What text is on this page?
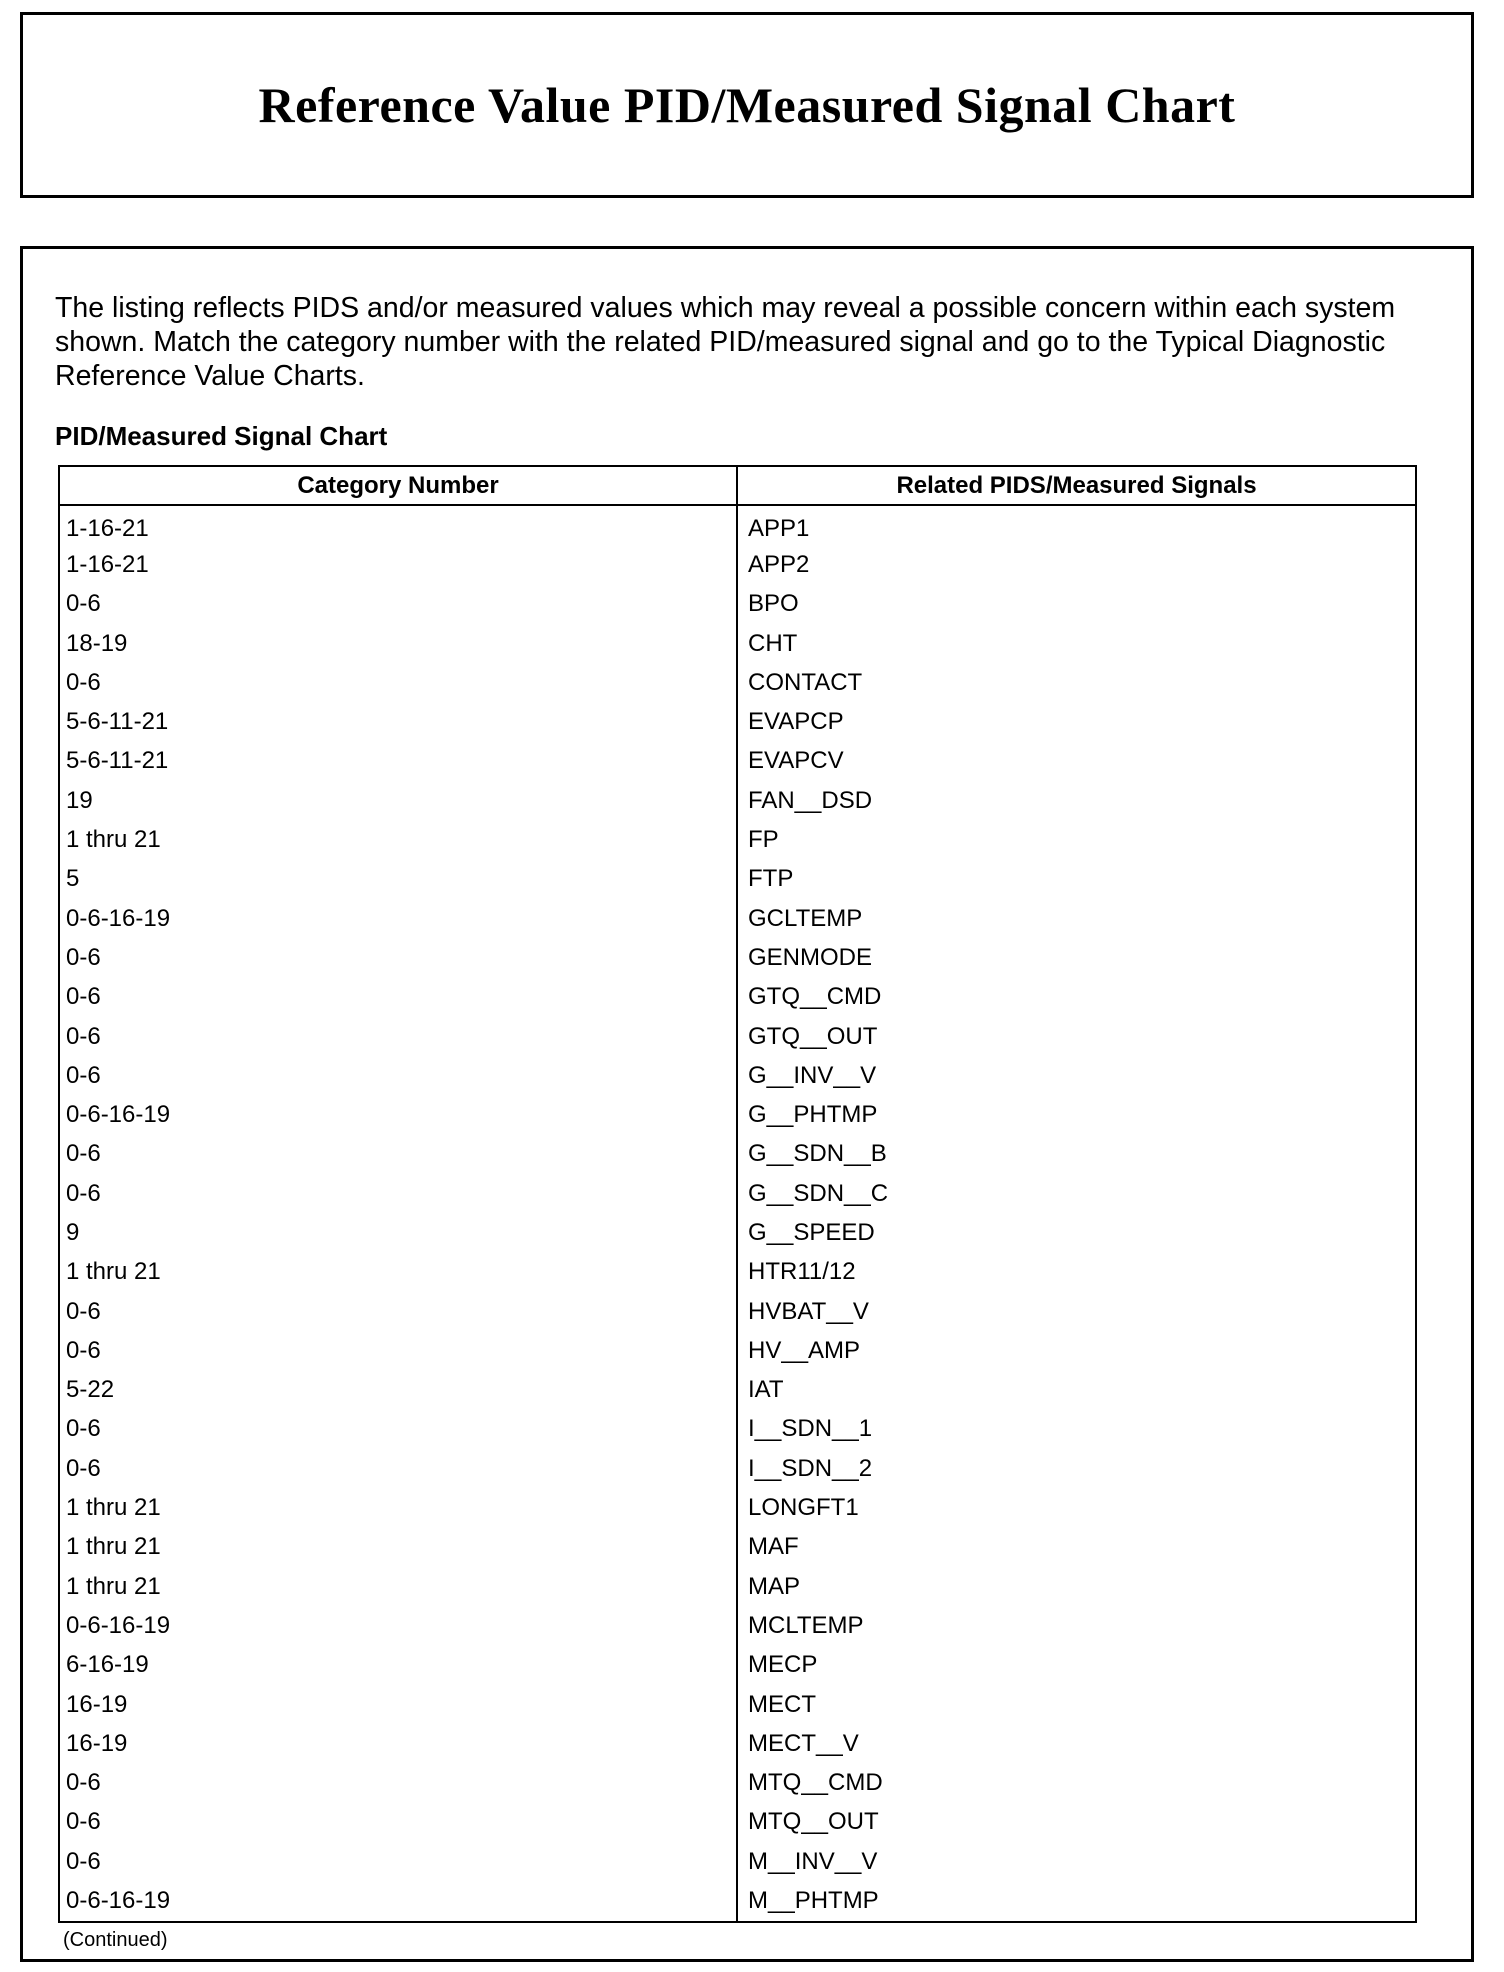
Reference Value PID/Measured Signal Chart

The listing reflects PIDS and/or measured values which may reveal a possible concern within each system shown. Match the category number with the related PID/measured signal and go to the Typical Diagnostic Reference Value Charts.

PID/Measured Signal Chart

Category Number	Related PIDS/Measured Signals
1-16-21	APP1
1-16-21	APP2
0-6	BPO
18-19	CHT
0-6	CONTACT
5-6-11-21	EVAPCP
5-6-11-21	EVAPCV
19	FAN__DSD
1 thru 21	FP
5	FTP
0-6-16-19	GCLTEMP
0-6	GENMODE
0-6	GTQ__CMD
0-6	GTQ__OUT
0-6	G__INV__V
0-6-16-19	G__PHTMP
0-6	G__SDN__B
0-6	G__SDN__C
9	G__SPEED
1 thru 21	HTR11/12
0-6	HVBAT__V
0-6	HV__AMP
5-22	IAT
0-6	I__SDN__1
0-6	I__SDN__2
1 thru 21	LONGFT1
1 thru 21	MAF
1 thru 21	MAP
0-6-16-19	MCLTEMP
6-16-19	MECP
16-19	MECT
16-19	MECT__V
0-6	MTQ__CMD
0-6	MTQ__OUT
0-6	M__INV__V
0-6-16-19	M__PHTMP

(Continued)
